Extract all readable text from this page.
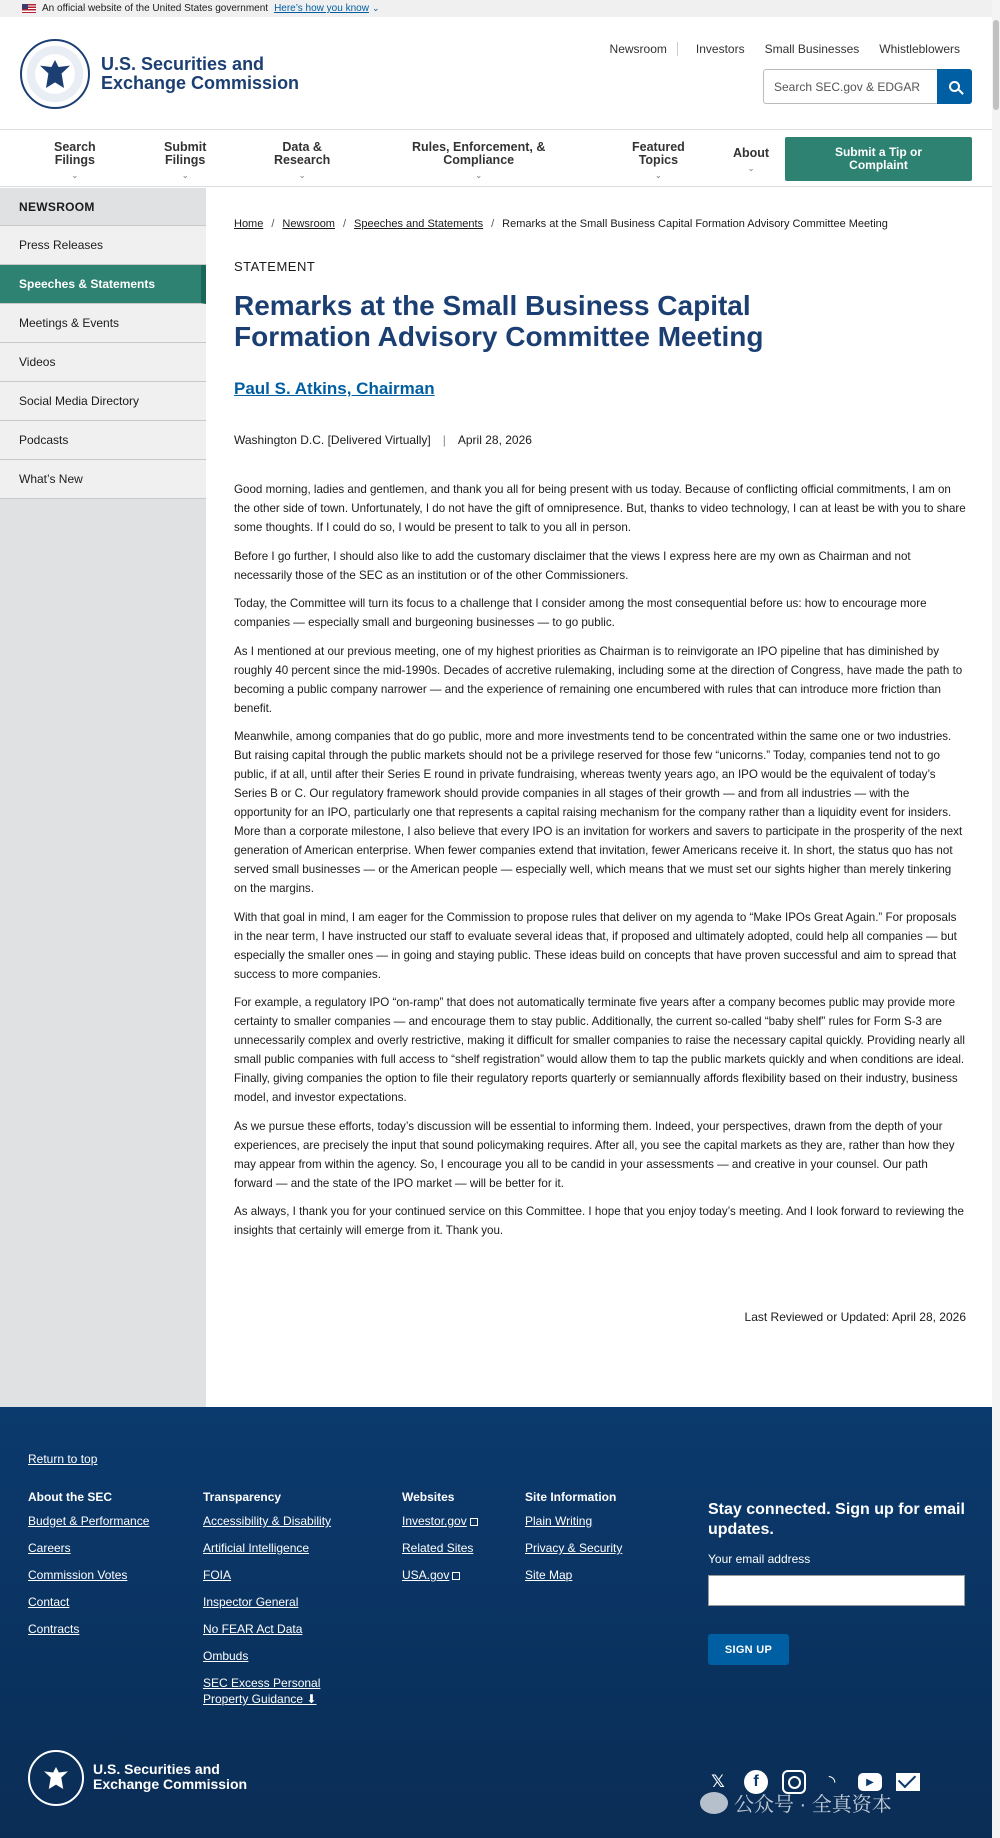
An official website of the United States government Here’s how you know ⌄
U.S. Securities and
Exchange Commission
Newsroom	Investors	Small Businesses	Whistleblowers
Search SEC.gov & EDGAR
Search
Filings
⌄
Submit
Filings
⌄
Data &
Research
⌄
Rules, Enforcement, &
Compliance
⌄
Featured
Topics
⌄
About
⌄
Submit a Tip or
Complaint
NEWSROOM
Press Releases
Speeches & Statements
Meetings & Events
Videos
Social Media Directory
Podcasts
What’s New
Home / Newsroom / Speeches and Statements / Remarks at the Small Business Capital Formation Advisory Committee Meeting
STATEMENT
Remarks at the Small Business Capital
Formation Advisory Committee Meeting
Paul S. Atkins, Chairman
Washington D.C. [Delivered Virtually] | April 28, 2026

Good morning, ladies and gentlemen, and thank you all for being present with us today. Because of conflicting official commitments, I am on the other side of town. Unfortunately, I do not have the gift of omnipresence. But, thanks to video technology, I can at least be with you to share some thoughts. If I could do so, I would be present to talk to you all in person.

Before I go further, I should also like to add the customary disclaimer that the views I express here are my own as Chairman and not necessarily those of the SEC as an institution or of the other Commissioners.

Today, the Committee will turn its focus to a challenge that I consider among the most consequential before us: how to encourage more companies — especially small and burgeoning businesses — to go public.

As I mentioned at our previous meeting, one of my highest priorities as Chairman is to reinvigorate an IPO pipeline that has diminished by roughly 40 percent since the mid-1990s. Decades of accretive rulemaking, including some at the direction of Congress, have made the path to becoming a public company narrower — and the experience of remaining one encumbered with rules that can introduce more friction than benefit.

Meanwhile, among companies that do go public, more and more investments tend to be concentrated within the same one or two industries. But raising capital through the public markets should not be a privilege reserved for those few “unicorns.” Today, companies tend not to go public, if at all, until after their Series E round in private fundraising, whereas twenty years ago, an IPO would be the equivalent of today’s Series B or C. Our regulatory framework should provide companies in all stages of their growth — and from all industries — with the opportunity for an IPO, particularly one that represents a capital raising mechanism for the company rather than a liquidity event for insiders. More than a corporate milestone, I also believe that every IPO is an invitation for workers and savers to participate in the prosperity of the next generation of American enterprise. When fewer companies extend that invitation, fewer Americans receive it. In short, the status quo has not served small businesses — or the American people — especially well, which means that we must set our sights higher than merely tinkering on the margins.

With that goal in mind, I am eager for the Commission to propose rules that deliver on my agenda to “Make IPOs Great Again.” For proposals in the near term, I have instructed our staff to evaluate several ideas that, if proposed and ultimately adopted, could help all companies — but especially the smaller ones — in going and staying public. These ideas build on concepts that have proven successful and aim to spread that success to more companies.

For example, a regulatory IPO “on-ramp” that does not automatically terminate five years after a company becomes public may provide more certainty to smaller companies — and encourage them to stay public. Additionally, the current so-called “baby shelf” rules for Form S-3 are unnecessarily complex and overly restrictive, making it difficult for smaller companies to raise the necessary capital quickly. Providing nearly all small public companies with full access to “shelf registration” would allow them to tap the public markets quickly and when conditions are ideal. Finally, giving companies the option to file their regulatory reports quarterly or semiannually affords flexibility based on their industry, business model, and investor expectations.

As we pursue these efforts, today’s discussion will be essential to informing them. Indeed, your perspectives, drawn from the depth of your experiences, are precisely the input that sound policymaking requires. After all, you see the capital markets as they are, rather than how they may appear from within the agency. So, I encourage you all to be candid in your assessments — and creative in your counsel. Our path forward — and the state of the IPO market — will be better for it.

As always, I thank you for your continued service on this Committee. I hope that you enjoy today’s meeting. And I look forward to reviewing the insights that certainly will emerge from it. Thank you.

Last Reviewed or Updated: April 28, 2026
Return to top
About the SEC
Budget & Performance
Careers
Commission Votes
Contact
Contracts
Transparency
Accessibility & Disability
Artificial Intelligence
FOIA
Inspector General
No FEAR Act Data
Ombuds
SEC Excess Personal
Property Guidance ⬇
Websites
Investor.gov
Related Sites
USA.gov
Site Information
Plain Writing
Privacy & Security
Site Map
Stay connected. Sign up for email updates.
Your email address
SIGN UP
U.S. Securities and
Exchange Commission	𝕏	f	◝	▶
公众号 · 全真资本
